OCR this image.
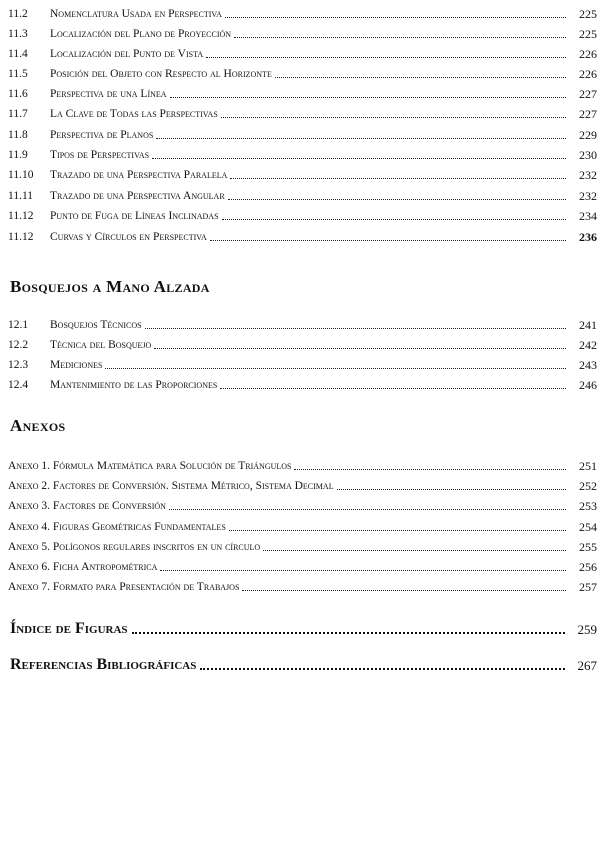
11.2	Nomenclatura Usada en Perspectiva	225
11.3	Localización del Plano de Proyección	225
11.4	Localización del Punto de Vista	226
11.5	Posición del Objeto con Respecto al Horizonte	226
11.6	Perspectiva de una Línea	227
11.7	La Clave de Todas las Perspectivas	227
11.8	Perspectiva de Planos	229
11.9	Tipos de Perspectivas	230
11.10	Trazado de una Perspectiva Paralela	232
11.11	Trazado de una Perspectiva Angular	232
11.12	Punto de Fuga de Líneas Inclinadas	234
11.12	Curvas y Círculos en Perspectiva	236
Bosquejos a Mano Alzada
12.1	Bosquejos Técnicos	241
12.2	Técnica del Bosquejo	242
12.3	Mediciones	243
12.4	Mantenimiento de las Proporciones	246
Anexos
Anexo 1. Fórmula Matemática para Solución de Triángulos	251
Anexo 2. Factores de Conversión. Sistema Métrico, Sistema Decimal	252
Anexo 3. Factores de Conversión	253
Anexo 4. Figuras Geométricas Fundamentales	254
Anexo 5. Polígonos regulares inscritos en un círculo	255
Anexo 6. Ficha Antropométrica	256
Anexo 7. Formato para Presentación de Trabajos	257
Índice de Figuras	259
Referencias Bibliográficas	267
